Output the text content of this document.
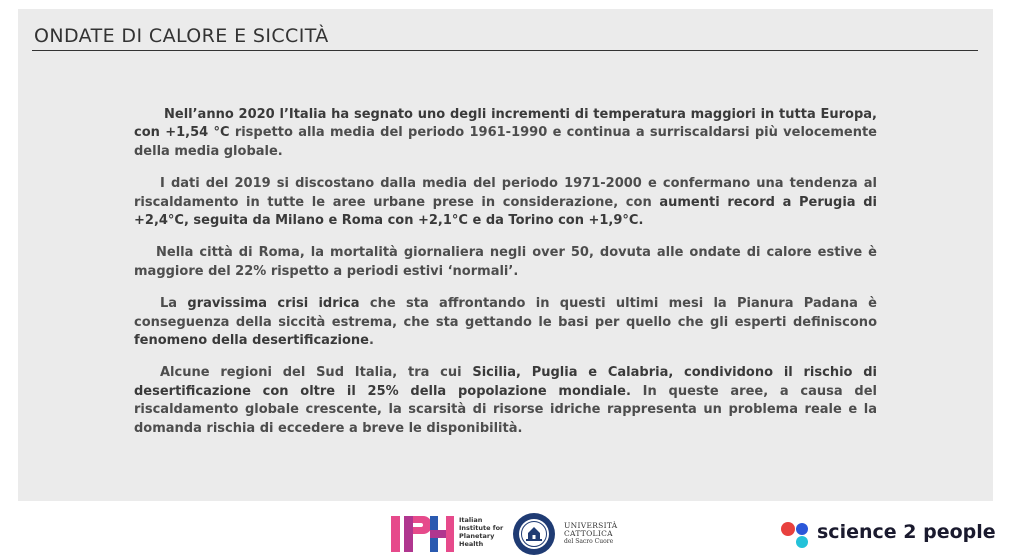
ONDATE DI CALORE E SICCITÀ

Nell’anno 2020 l’Italia ha segnato uno degli incrementi di temperatura maggiori in tutta Europa, con +1,54 °C rispetto alla media del periodo 1961-1990 e continua a surriscaldarsi più velocemente della media globale.

I dati del 2019 si discostano dalla media del periodo 1971-2000 e confermano una tendenza al riscaldamento in tutte le aree urbane prese in considerazione, con aumenti record a Perugia di +2,4°C, seguita da Milano e Roma con +2,1°C e da Torino con +1,9°C.

Nella città di Roma, la mortalità giornaliera negli over 50, dovuta alle ondate di calore estive è maggiore del 22% rispetto a periodi estivi ‘normali’.

La gravissima crisi idrica che sta affrontando in questi ultimi mesi la Pianura Padana è conseguenza della siccità estrema, che sta gettando le basi per quello che gli esperti definiscono fenomeno della desertificazione.

Alcune regioni del Sud Italia, tra cui Sicilia, Puglia e Calabria, condividono il rischio di desertificazione con oltre il 25% della popolazione mondiale. In queste aree, a causa del riscaldamento globale crescente, la scarsità di risorse idriche rappresenta un problema reale e la domanda rischia di eccedere a breve le disponibilità.

Italian
Institute for
Planetary
Health
UNIVERSITÀ
CATTOLICA
del Sacro Cuore	science 2 people
